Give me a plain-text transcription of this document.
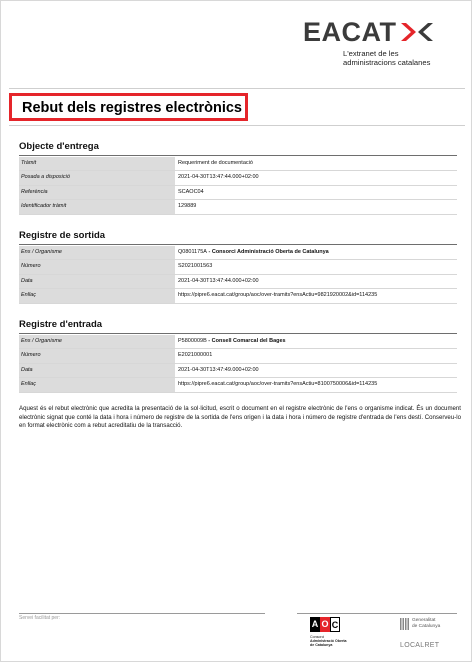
EACAT
L'extranet de les
administracions catalanes
Rebut dels registres electrònics
Objecte d'entrega
Tràmit	Requeriment de documentació
Posada a disposició	2021-04-30T13:47:44.000+02:00
Referència	SCAOC04
Identificador tràmit	129889
Registre de sortida
Ens / Organisme	Q0801175A - Consorci Administració Oberta de Catalunya
Número	S2021001563
Data	2021-04-30T13:47:44.000+02:00
Enllaç	https://pipre6.eacat.cat/group/aoc/over-tramits?ensActiu=9821920002&id=114235
Registre d'entrada
Ens / Organisme	P5800009B - Consell Comarcal del Bages
Número	E2021000001
Data	2021-04-30T13:47:49.000+02:00
Enllaç	https://pipre6.eacat.cat/group/aoc/over-tramits?ensActiu=8100750006&id=114235
Aquest és el rebut electrònic que acredita la presentació de la sol·licitud, escrit o document en el registre electrònic de l'ens o organisme indicat. És un document electrònic signat que conté la data i hora i número de registre de la sortida de l'ens origen i la data i hora i número de registre d'entrada de l'ens destí. Conserveu-lo en format electrònic com a rebut acreditatiu de la transacció.
Servei facilitat per:
A O C
Consorci
Administració Oberta
de Catalunya
Generalitat
de Catalunya
LOCALRET
